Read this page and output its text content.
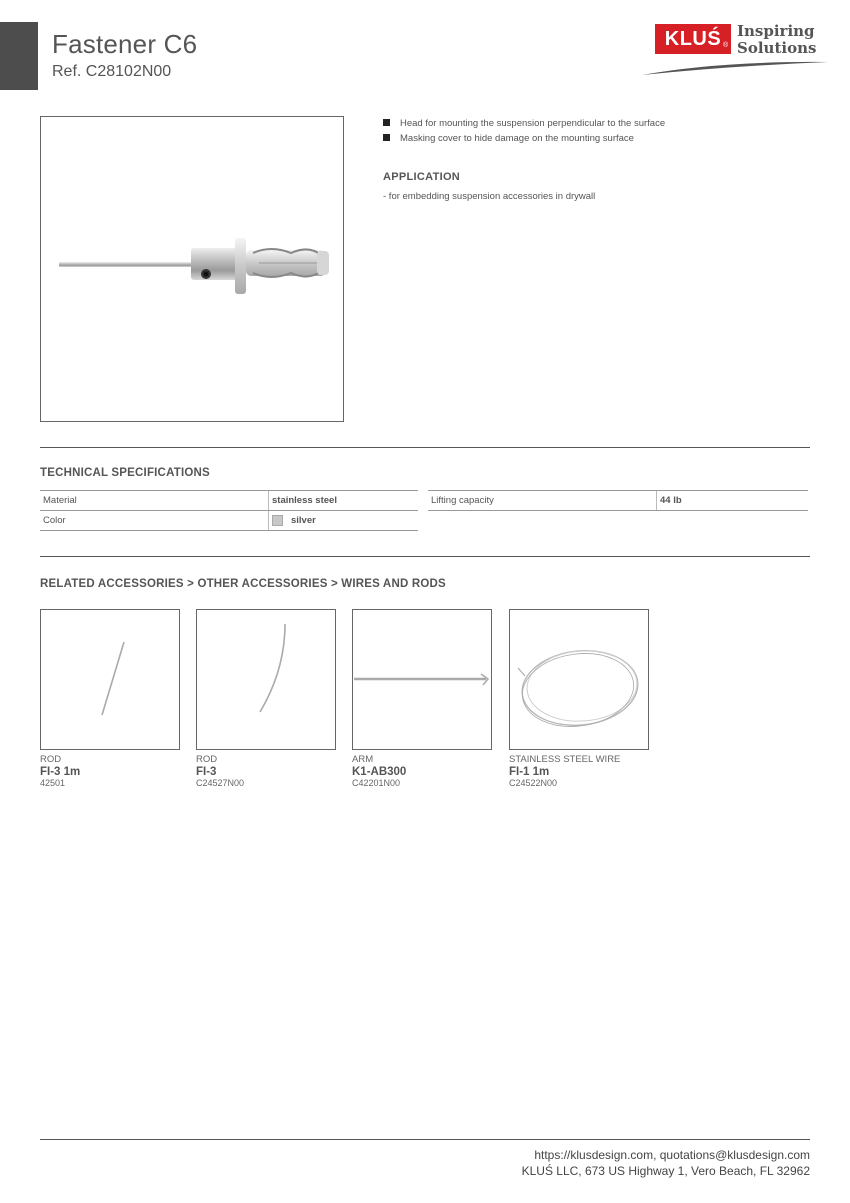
Fastener C6
Ref. C28102N00
KLUŚ ®
Inspiring
Solutions
Head for mounting the suspension perpendicular to the surface
Masking cover to hide damage on the mounting surface
APPLICATION
- for embedding suspension accessories in drywall
TECHNICAL SPECIFICATIONS
Material	stainless steel
Color	silver
Lifting capacity	44 lb
RELATED ACCESSORIES > OTHER ACCESSORIES > WIRES AND RODS
ROD
FI-3 1m
42501
ROD
FI-3
C24527N00
ARM
K1-AB300
C42201N00
STAINLESS STEEL WIRE
FI-1 1m
C24522N00
https://klusdesign.com, quotations@klusdesign.com
KLUŚ LLC, 673 US Highway 1, Vero Beach, FL 32962
